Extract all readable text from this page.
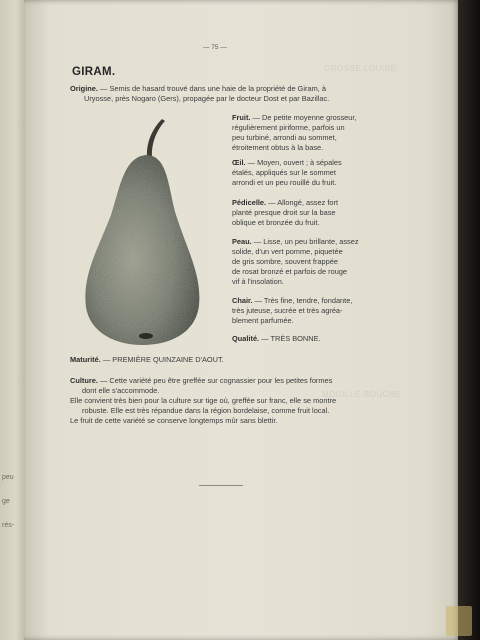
peu
ge
rés-
GROSSE LOUISE
MOUILLE-BOUCHE
— 75 —
GIRAM.
Origine. — Semis de hasard trouvé dans une haie de la propriété de Giram, à
Uryosse, près Nogaro (Gers), propagée par le docteur Dost et par Bazillac.
Fruit. — De petite moyenne grosseur,
régulièrement piriforme, parfois un
peu turbiné, arrondi au sommet,
étroitement obtus à la base.
Œil. — Moyen, ouvert ; à sépales
étalés, appliqués sur le sommet
arrondi et un peu rouillé du fruit.
Pédicelle. — Allongé, assez fort
planté presque droit sur la base
oblique et bronzée du fruit.
Peau. — Lisse, un peu brillante, assez
solide, d'un vert pomme, piquetée
de gris sombre, souvent frappée
de rosat bronzé et parfois de rouge
vif à l'insolation.
Chair. — Très fine, tendre, fondante,
très juteuse, sucrée et très agréa-
blement parfumée.
Qualité. — TRÈS BONNE.
Maturité. — PREMIÈRE QUINZAINE D'AOUT.
Culture. — Cette variété peu être greffée sur cognassier pour les petites formes
dont elle s'accommode.
Elle convient très bien pour la culture sur tige où, greffée sur franc, elle se montre
robuste. Elle est très répandue dans la région bordelaise, comme fruit local.
Le fruit de cette variété se conserve longtemps mûr sans blettir.
